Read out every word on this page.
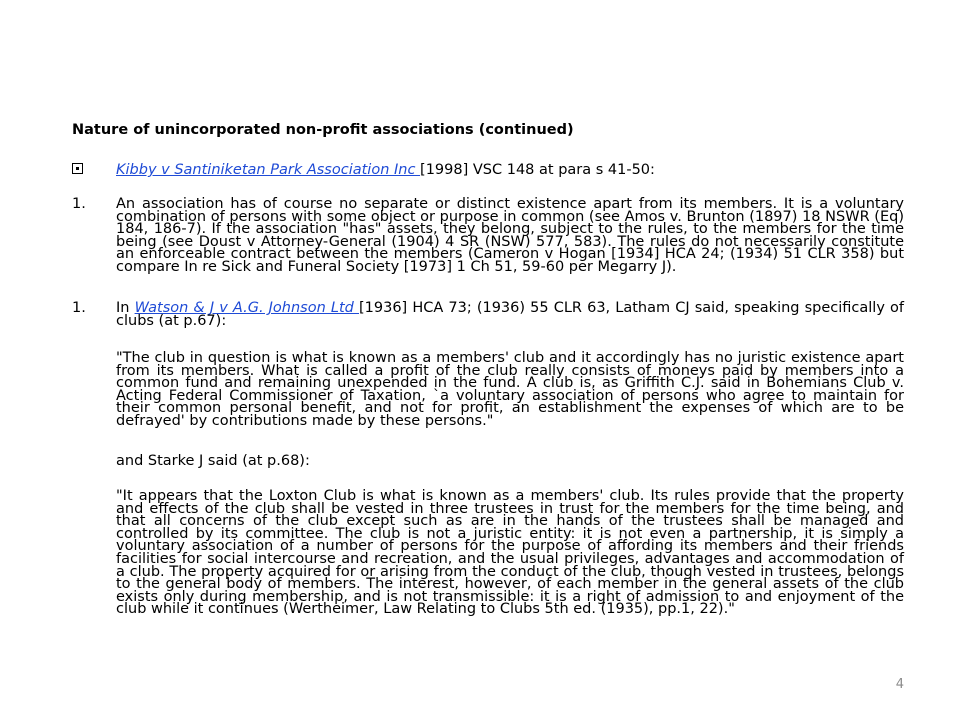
Nature of unincorporated non-profit associations (continued)
Kibby v Santiniketan Park Association Inc [1998] VSC 148 at para s 41-50:
1. An association has of course no separate or distinct existence apart from its members. It is a voluntary combination of persons with some object or purpose in common (see Amos v. Brunton (1897) 18 NSWR (Eq) 184, 186-7). If the association "has" assets, they belong, subject to the rules, to the members for the time being (see Doust v Attorney-General (1904) 4 SR (NSW) 577, 583). The rules do not necessarily constitute an enforceable contract between the members (Cameron v Hogan [1934] HCA 24; (1934) 51 CLR 358) but compare In re Sick and Funeral Society [1973] 1 Ch 51, 59-60 per Megarry J).
1. In Watson & J v A.G. Johnson Ltd [1936] HCA 73; (1936) 55 CLR 63, Latham CJ said, speaking specifically of clubs (at p.67):
"The club in question is what is known as a members' club and it accordingly has no juristic existence apart from its members. What is called a profit of the club really consists of moneys paid by members into a common fund and remaining unexpended in the fund. A club is, as Griffith C.J. said in Bohemians Club v. Acting Federal Commissioner of Taxation, `a voluntary association of persons who agree to maintain for their common personal benefit, and not for profit, an establishment the expenses of which are to be defrayed' by contributions made by these persons."
and Starke J said (at p.68):
"It appears that the Loxton Club is what is known as a members' club. Its rules provide that the property and effects of the club shall be vested in three trustees in trust for the members for the time being, and that all concerns of the club except such as are in the hands of the trustees shall be managed and controlled by its committee. The club is not a juristic entity: it is not even a partnership, it is simply a voluntary association of a number of persons for the purpose of affording its members and their friends facilities for social intercourse and recreation, and the usual privileges, advantages and accommodation of a club. The property acquired for or arising from the conduct of the club, though vested in trustees, belongs to the general body of members. The interest, however, of each member in the general assets of the club exists only during membership, and is not transmissible: it is a right of admission to and enjoyment of the club while it continues (Wertheimer, Law Relating to Clubs 5th ed. (1935), pp.1, 22)."
4
